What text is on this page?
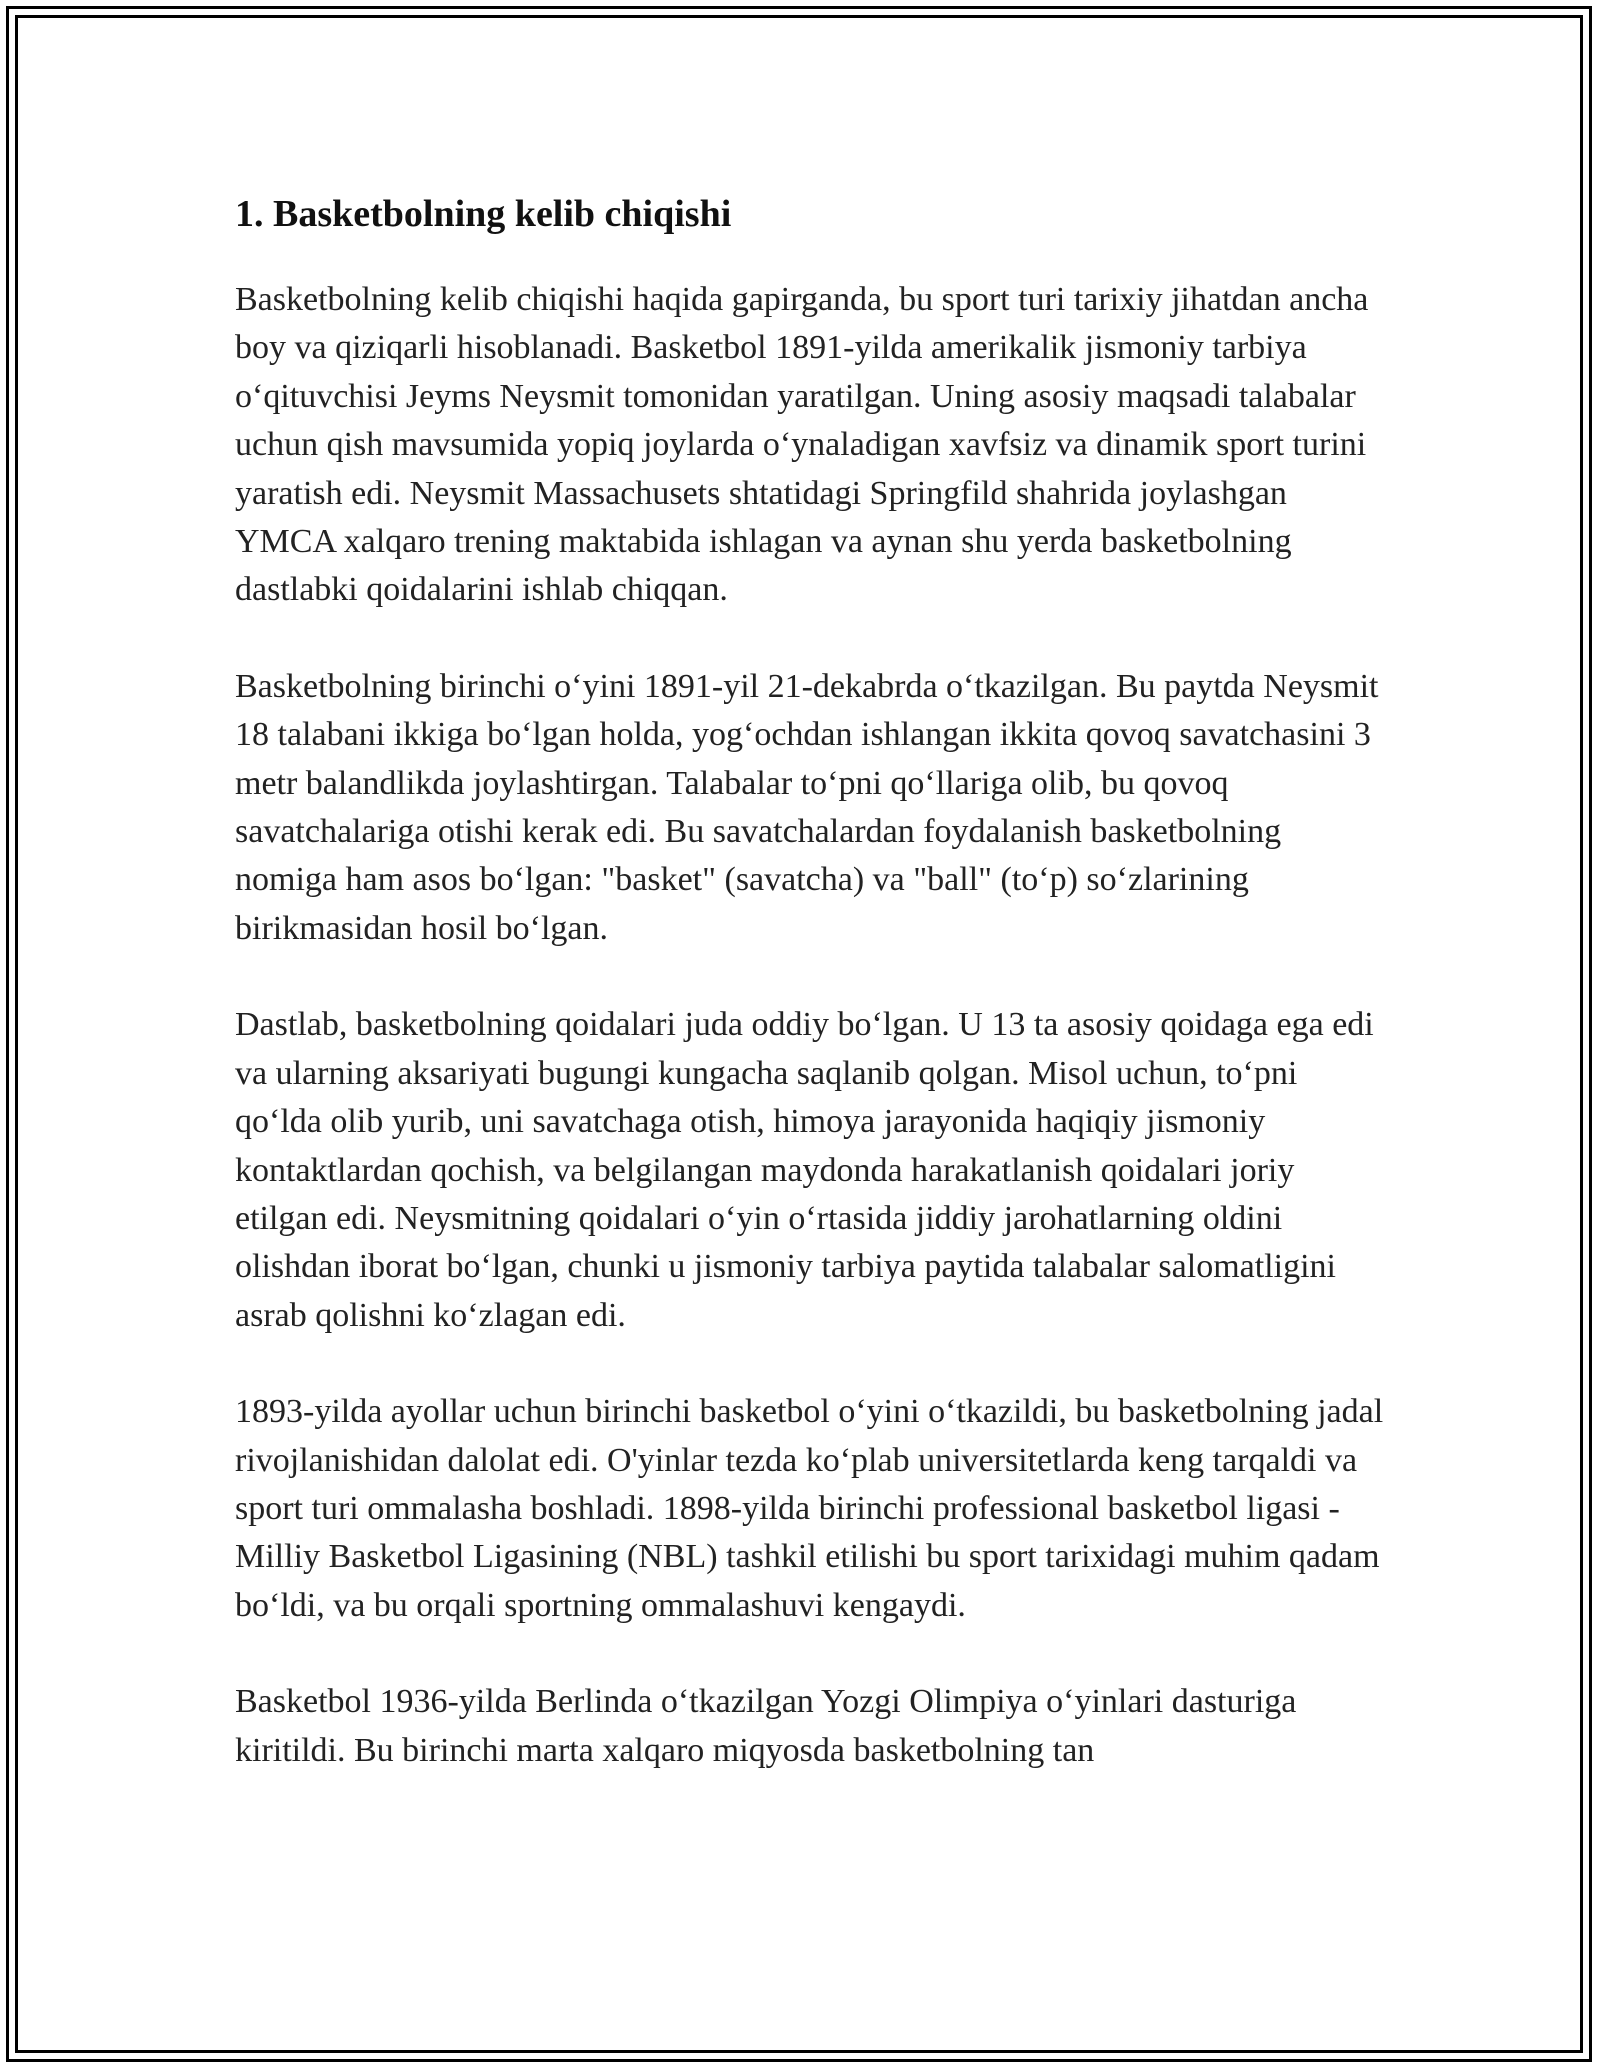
1. Basketbolning kelib chiqishi

Basketbolning kelib chiqishi haqida gapirganda, bu sport turi tarixiy jihatdan ancha boy va qiziqarli hisoblanadi. Basketbol 1891-yilda amerikalik jismoniy tarbiya o‘qituvchisi Jeyms Neysmit tomonidan yaratilgan. Uning asosiy maqsadi talabalar uchun qish mavsumida yopiq joylarda o‘ynaladigan xavfsiz va dinamik sport turini yaratish edi. Neysmit Massachusets shtatidagi Springfild shahrida joylashgan YMCA xalqaro trening maktabida ishlagan va aynan shu yerda basketbolning dastlabki qoidalarini ishlab chiqqan.

Basketbolning birinchi o‘yini 1891-yil 21-dekabrda o‘tkazilgan. Bu paytda Neysmit 18 talabani ikkiga bo‘lgan holda, yog‘ochdan ishlangan ikkita qovoq savatchasini 3 metr balandlikda joylashtirgan. Talabalar to‘pni qo‘llariga olib, bu qovoq savatchalariga otishi kerak edi. Bu savatchalardan foydalanish basketbolning nomiga ham asos bo‘lgan: "basket" (savatcha) va "ball" (to‘p) so‘zlarining birikmasidan hosil bo‘lgan.

Dastlab, basketbolning qoidalari juda oddiy bo‘lgan. U 13 ta asosiy qoidaga ega edi va ularning aksariyati bugungi kungacha saqlanib qolgan. Misol uchun, to‘pni qo‘lda olib yurib, uni savatchaga otish, himoya jarayonida haqiqiy jismoniy kontaktlardan qochish, va belgilangan maydonda harakatlanish qoidalari joriy etilgan edi. Neysmitning qoidalari o‘yin o‘rtasida jiddiy jarohatlarning oldini olishdan iborat bo‘lgan, chunki u jismoniy tarbiya paytida talabalar salomatligini asrab qolishni ko‘zlagan edi.

1893-yilda ayollar uchun birinchi basketbol o‘yini o‘tkazildi, bu basketbolning jadal rivojlanishidan dalolat edi. O'yinlar tezda ko‘plab universitetlarda keng tarqaldi va sport turi ommalasha boshladi. 1898-yilda birinchi professional basketbol ligasi - Milliy Basketbol Ligasining (NBL) tashkil etilishi bu sport tarixidagi muhim qadam bo‘ldi, va bu orqali sportning ommalashuvi kengaydi.

Basketbol 1936-yilda Berlinda o‘tkazilgan Yozgi Olimpiya o‘yinlari dasturiga kiritildi. Bu birinchi marta xalqaro miqyosda basketbolning tan
